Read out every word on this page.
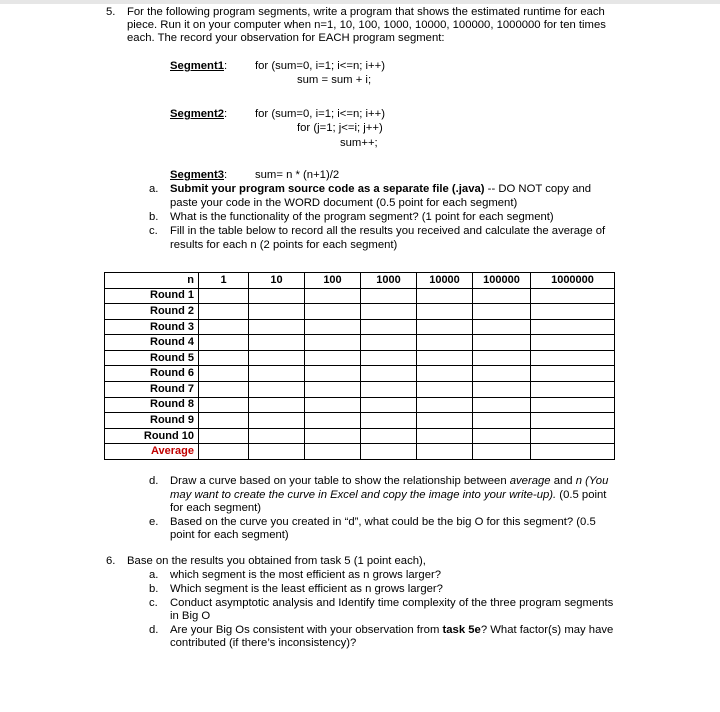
5. For the following program segments, write a program that shows the estimated runtime for each
piece. Run it on your computer when n=1, 10, 100, 1000, 10000, 100000, 1000000 for ten times
each. The record your observation for EACH program segment:
Segment1: for (sum=0, i=1; i<=n; i++)
sum = sum + i;
Segment2: for (sum=0, i=1; i<=n; i++)
for (j=1; j<=i; j++)
sum++;
Segment3: sum= n * (n+1)/2
a. Submit your program source code as a separate file (.java) -- DO NOT copy and
paste your code in the WORD document (0.5 point for each segment)
b. What is the functionality of the program segment? (1 point for each segment)
c. Fill in the table below to record all the results you received and calculate the average of
results for each n (2 points for each segment)
n	1	10	100	1000	10000	100000	1000000
Round 1							
Round 2							
Round 3							
Round 4							
Round 5							
Round 6							
Round 7							
Round 8							
Round 9							
Round 10							
Average							
d. Draw a curve based on your table to show the relationship between average and n (You
may want to create the curve in Excel and copy the image into your write-up). (0.5 point
for each segment)
e. Based on the curve you created in “d”, what could be the big O for this segment? (0.5
point for each segment)
6. Base on the results you obtained from task 5 (1 point each),
a. which segment is the most efficient as n grows larger?
b. Which segment is the least efficient as n grows larger?
c. Conduct asymptotic analysis and Identify time complexity of the three program segments
in Big O
d. Are your Big Os consistent with your observation from task 5e? What factor(s) may have
contributed (if there’s inconsistency)?
